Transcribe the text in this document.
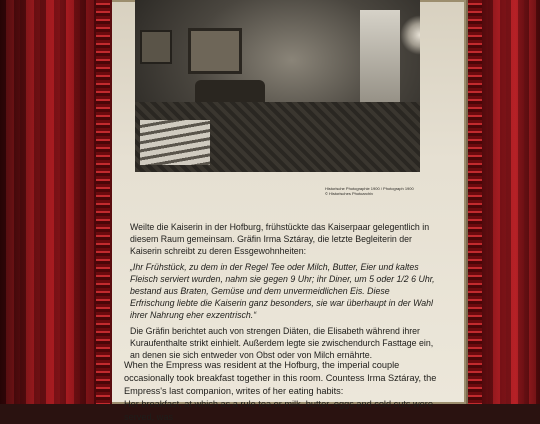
Historische Photographie 1900 / Photograph 1900
© Historisches Photoarchiv

Weilte die Kaiserin in der Hofburg, frühstückte das Kaiserpaar gelegentlich in diesem Raum gemeinsam. Gräfin Irma Sztáray, die letzte Begleiterin der Kaiserin schreibt zu deren Essgewohnheiten:

„Ihr Frühstück, zu dem in der Regel Tee oder Milch, Butter, Eier und kaltes Fleisch serviert wurden, nahm sie gegen 9 Uhr; ihr Diner, um 5 oder 1/2 6 Uhr, bestand aus Braten, Gemüse und dem unvermeidlichen Eis. Diese Erfrischung liebte die Kaiserin ganz besonders, sie war überhaupt in der Wahl ihrer Nahrung eher exzentrisch.“

Die Gräfin berichtet auch von strengen Diäten, die Elisabeth während ihrer Kuraufenthalte strikt einhielt. Außerdem legte sie zwischendurch Fasttage ein, an denen sie sich entweder von Obst oder von Milch ernährte.

When the Empress was resident at the Hofburg, the imperial couple occasionally took breakfast together in this room. Countess Irma Sztáray, the Empress's last companion, writes of her eating habits:

Her breakfast, at which as a rule tea or milk, butter, eggs and cold cuts were served, was
